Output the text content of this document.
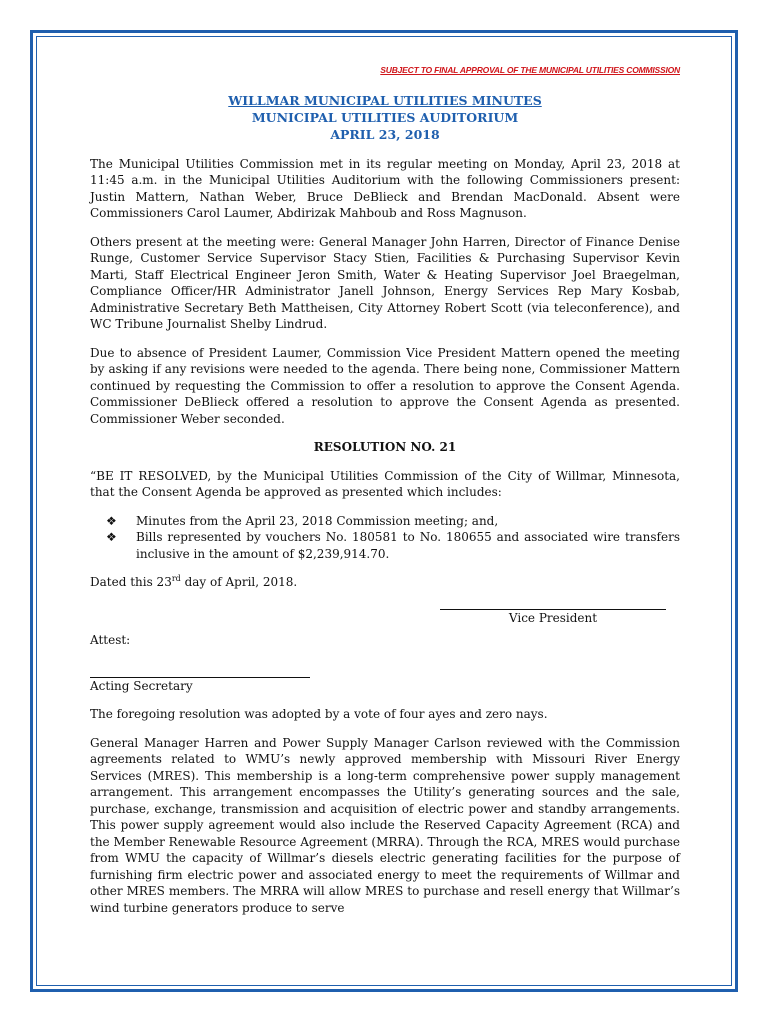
SUBJECT TO FINAL APPROVAL OF THE MUNICIPAL UTILITIES COMMISSION
WILLMAR MUNICIPAL UTILITIES MINUTES
MUNICIPAL UTILITIES AUDITORIUM
APRIL 23, 2018

The Municipal Utilities Commission met in its regular meeting on Monday, April 23, 2018 at 11:45 a.m. in the Municipal Utilities Auditorium with the following Commissioners present: Justin Mattern, Nathan Weber, Bruce DeBlieck and Brendan MacDonald. Absent were Commissioners Carol Laumer, Abdirizak Mahboub and Ross Magnuson.

Others present at the meeting were: General Manager John Harren, Director of Finance Denise Runge, Customer Service Supervisor Stacy Stien, Facilities & Purchasing Supervisor Kevin Marti, Staff Electrical Engineer Jeron Smith, Water & Heating Supervisor Joel Braegelman, Compliance Officer/HR Administrator Janell Johnson, Energy Services Rep Mary Kosbab, Administrative Secretary Beth Mattheisen, City Attorney Robert Scott (via teleconference), and WC Tribune Journalist Shelby Lindrud.

Due to absence of President Laumer, Commission Vice President Mattern opened the meeting by asking if any revisions were needed to the agenda. There being none, Commissioner Mattern continued by requesting the Commission to offer a resolution to approve the Consent Agenda. Commissioner DeBlieck offered a resolution to approve the Consent Agenda as presented. Commissioner Weber seconded.

RESOLUTION NO. 21

“BE IT RESOLVED, by the Municipal Utilities Commission of the City of Willmar, Minnesota, that the Consent Agenda be approved as presented which includes:

❖ Minutes from the April 23, 2018 Commission meeting; and,
❖ Bills represented by vouchers No. 180581 to No. 180655 and associated wire transfers inclusive in the amount of $2,239,914.70.

Dated this 23rd day of April, 2018.

Vice President
Attest:
Acting Secretary

The foregoing resolution was adopted by a vote of four ayes and zero nays.

General Manager Harren and Power Supply Manager Carlson reviewed with the Commission agreements related to WMU’s newly approved membership with Missouri River Energy Services (MRES). This membership is a long-term comprehensive power supply management arrangement. This arrangement encompasses the Utility’s generating sources and the sale, purchase, exchange, transmission and acquisition of electric power and standby arrangements. This power supply agreement would also include the Reserved Capacity Agreement (RCA) and the Member Renewable Resource Agreement (MRRA). Through the RCA, MRES would purchase from WMU the capacity of Willmar’s diesels electric generating facilities for the purpose of furnishing firm electric power and associated energy to meet the requirements of Willmar and other MRES members. The MRRA will allow MRES to purchase and resell energy that Willmar’s wind turbine generators produce to serve
